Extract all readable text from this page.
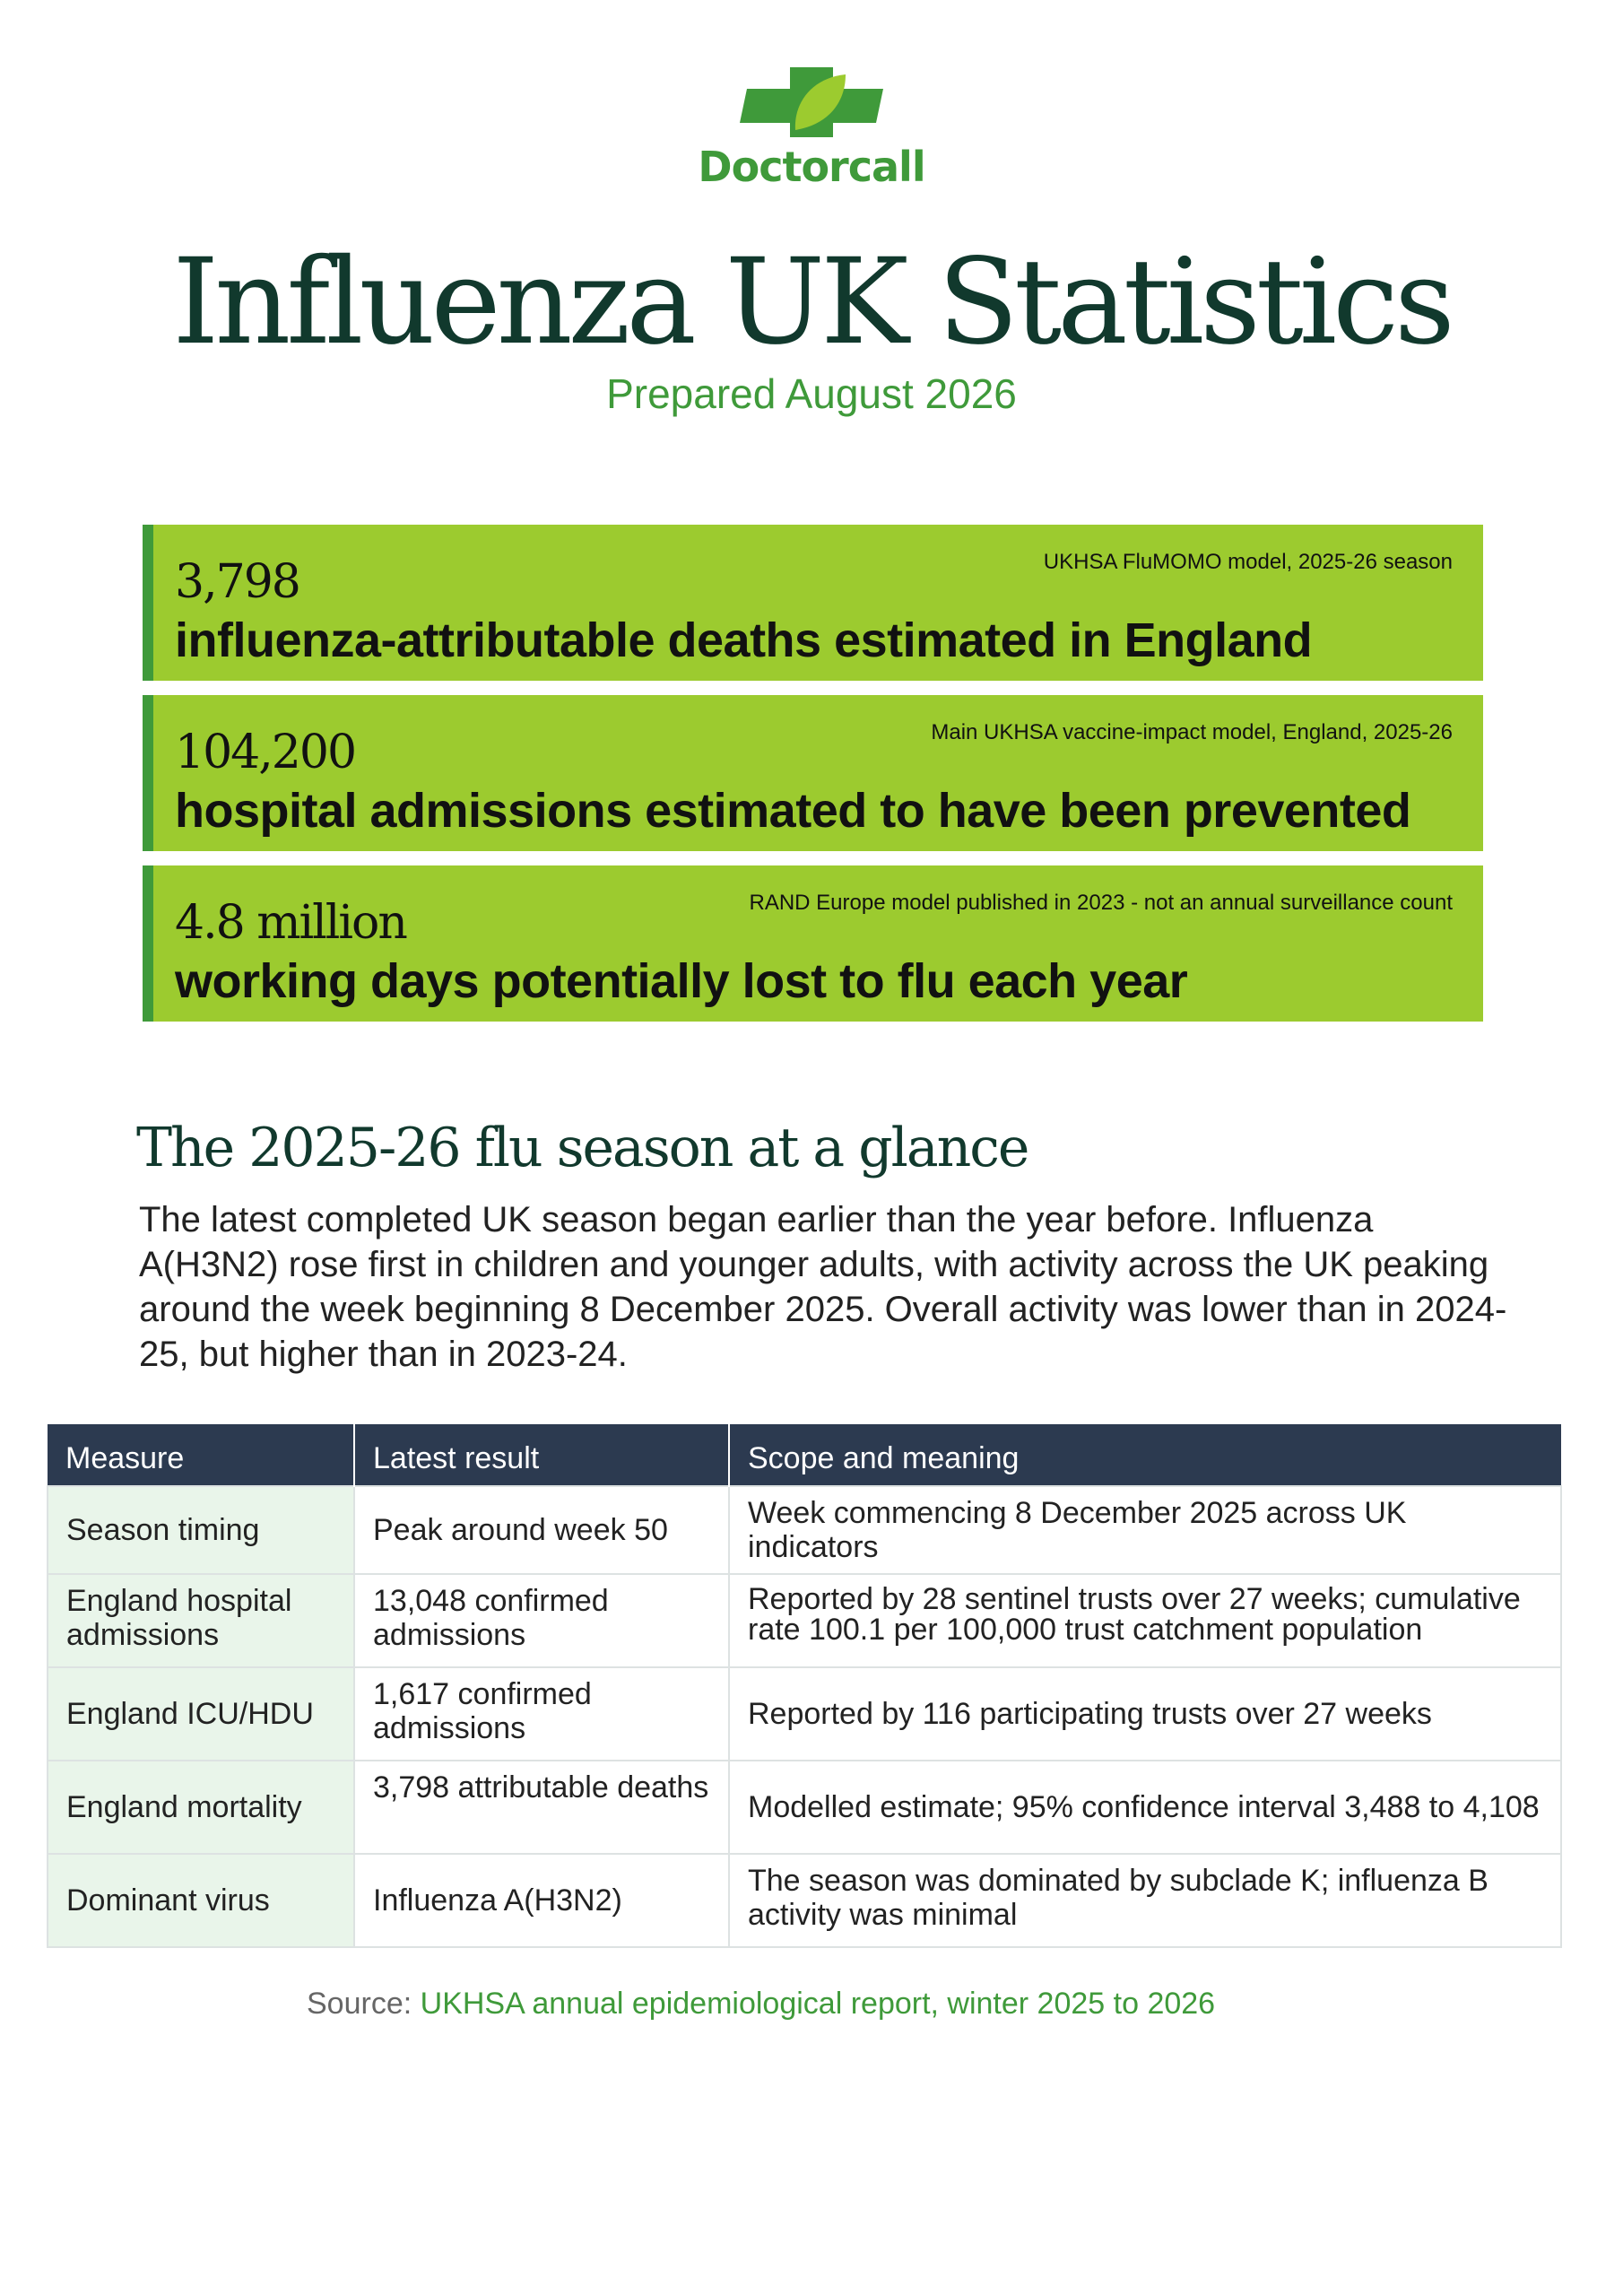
Doctorcall
Influenza UK Statistics
Prepared August 2026
UKHSA FluMOMO model, 2025-26 season
3,798
influenza-attributable deaths estimated in England
Main UKHSA vaccine-impact model, England, 2025-26
104,200
hospital admissions estimated to have been prevented
RAND Europe model published in 2023 - not an annual surveillance count
4.8 million
working days potentially lost to flu each year
The 2025-26 flu season at a glance

The latest completed UK season began earlier than the year before. Influenza A(H3N2) rose first in children and younger adults, with activity across the UK peaking around the week beginning 8 December 2025. Overall activity was lower than in 2024-25, but higher than in 2023-24.

Measure	Latest result	Scope and meaning
Season timing	Peak around week 50	Week commencing 8 December 2025 across UK indicators
England hospital admissions	13,048 confirmed admissions	Reported by 28 sentinel trusts over 27 weeks; cumulative rate 100.1 per 100,000 trust catchment population
England ICU/HDU	1,617 confirmed admissions	Reported by 116 participating trusts over 27 weeks
England mortality	3,798 attributable deaths	Modelled estimate; 95% confidence interval 3,488 to 4,108
Dominant virus	Influenza A(H3N2)	The season was dominated by subclade K; influenza B activity was minimal
Source: UKHSA annual epidemiological report, winter 2025 to 2026
